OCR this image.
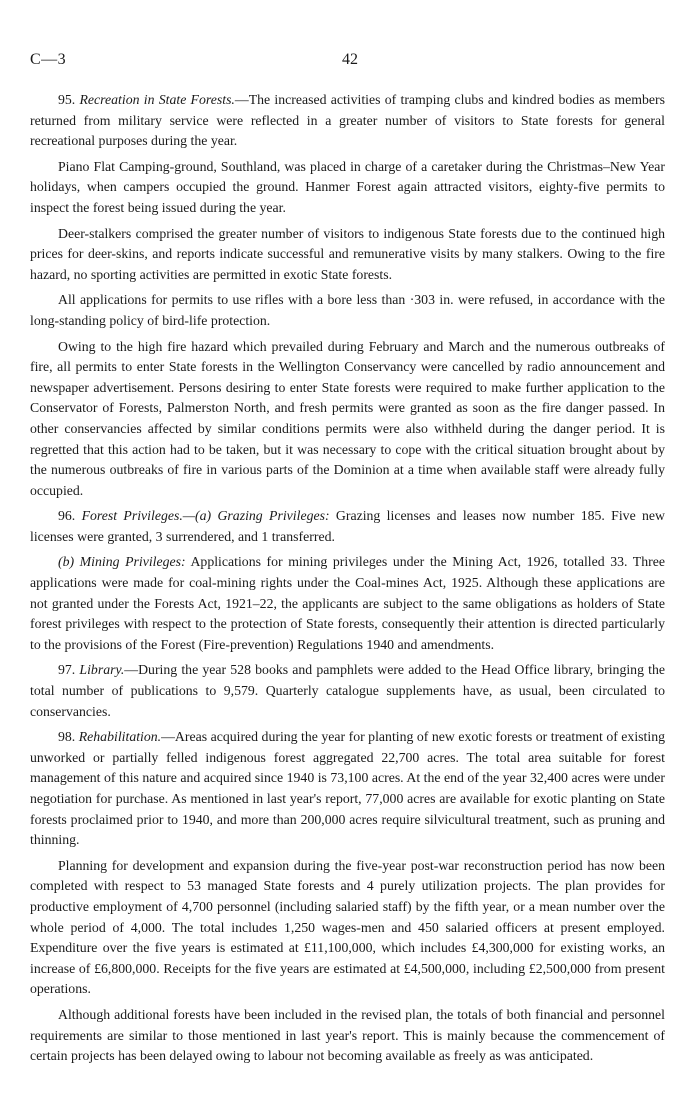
C—3	42

95. Recreation in State Forests.—The increased activities of tramping clubs and kindred bodies as members returned from military service were reflected in a greater number of visitors to State forests for general recreational purposes during the year.

Piano Flat Camping-ground, Southland, was placed in charge of a caretaker during the Christmas–New Year holidays, when campers occupied the ground. Hanmer Forest again attracted visitors, eighty-five permits to inspect the forest being issued during the year.

Deer-stalkers comprised the greater number of visitors to indigenous State forests due to the continued high prices for deer-skins, and reports indicate successful and remunerative visits by many stalkers. Owing to the fire hazard, no sporting activities are permitted in exotic State forests.

All applications for permits to use rifles with a bore less than ·303 in. were refused, in accordance with the long-standing policy of bird-life protection.

Owing to the high fire hazard which prevailed during February and March and the numerous outbreaks of fire, all permits to enter State forests in the Wellington Conservancy were cancelled by radio announcement and newspaper advertisement. Persons desiring to enter State forests were required to make further application to the Conservator of Forests, Palmerston North, and fresh permits were granted as soon as the fire danger passed. In other conservancies affected by similar conditions permits were also withheld during the danger period. It is regretted that this action had to be taken, but it was necessary to cope with the critical situation brought about by the numerous outbreaks of fire in various parts of the Dominion at a time when available staff were already fully occupied.

96. Forest Privileges.—(a) Grazing Privileges: Grazing licenses and leases now number 185. Five new licenses were granted, 3 surrendered, and 1 transferred.

(b) Mining Privileges: Applications for mining privileges under the Mining Act, 1926, totalled 33. Three applications were made for coal-mining rights under the Coal-mines Act, 1925. Although these applications are not granted under the Forests Act, 1921–22, the applicants are subject to the same obligations as holders of State forest privileges with respect to the protection of State forests, consequently their attention is directed particularly to the provisions of the Forest (Fire-prevention) Regulations 1940 and amendments.

97. Library.—During the year 528 books and pamphlets were added to the Head Office library, bringing the total number of publications to 9,579. Quarterly catalogue supplements have, as usual, been circulated to conservancies.

98. Rehabilitation.—Areas acquired during the year for planting of new exotic forests or treatment of existing unworked or partially felled indigenous forest aggregated 22,700 acres. The total area suitable for forest management of this nature and acquired since 1940 is 73,100 acres. At the end of the year 32,400 acres were under negotiation for purchase. As mentioned in last year's report, 77,000 acres are available for exotic planting on State forests proclaimed prior to 1940, and more than 200,000 acres require silvicultural treatment, such as pruning and thinning.

Planning for development and expansion during the five-year post-war reconstruction period has now been completed with respect to 53 managed State forests and 4 purely utilization projects. The plan provides for productive employment of 4,700 personnel (including salaried staff) by the fifth year, or a mean number over the whole period of 4,000. The total includes 1,250 wages-men and 450 salaried officers at present employed. Expenditure over the five years is estimated at £11,100,000, which includes £4,300,000 for existing works, an increase of £6,800,000. Receipts for the five years are estimated at £4,500,000, including £2,500,000 from present operations.

Although additional forests have been included in the revised plan, the totals of both financial and personnel requirements are similar to those mentioned in last year's report. This is mainly because the commencement of certain projects has been delayed owing to labour not becoming available as freely as was anticipated.
